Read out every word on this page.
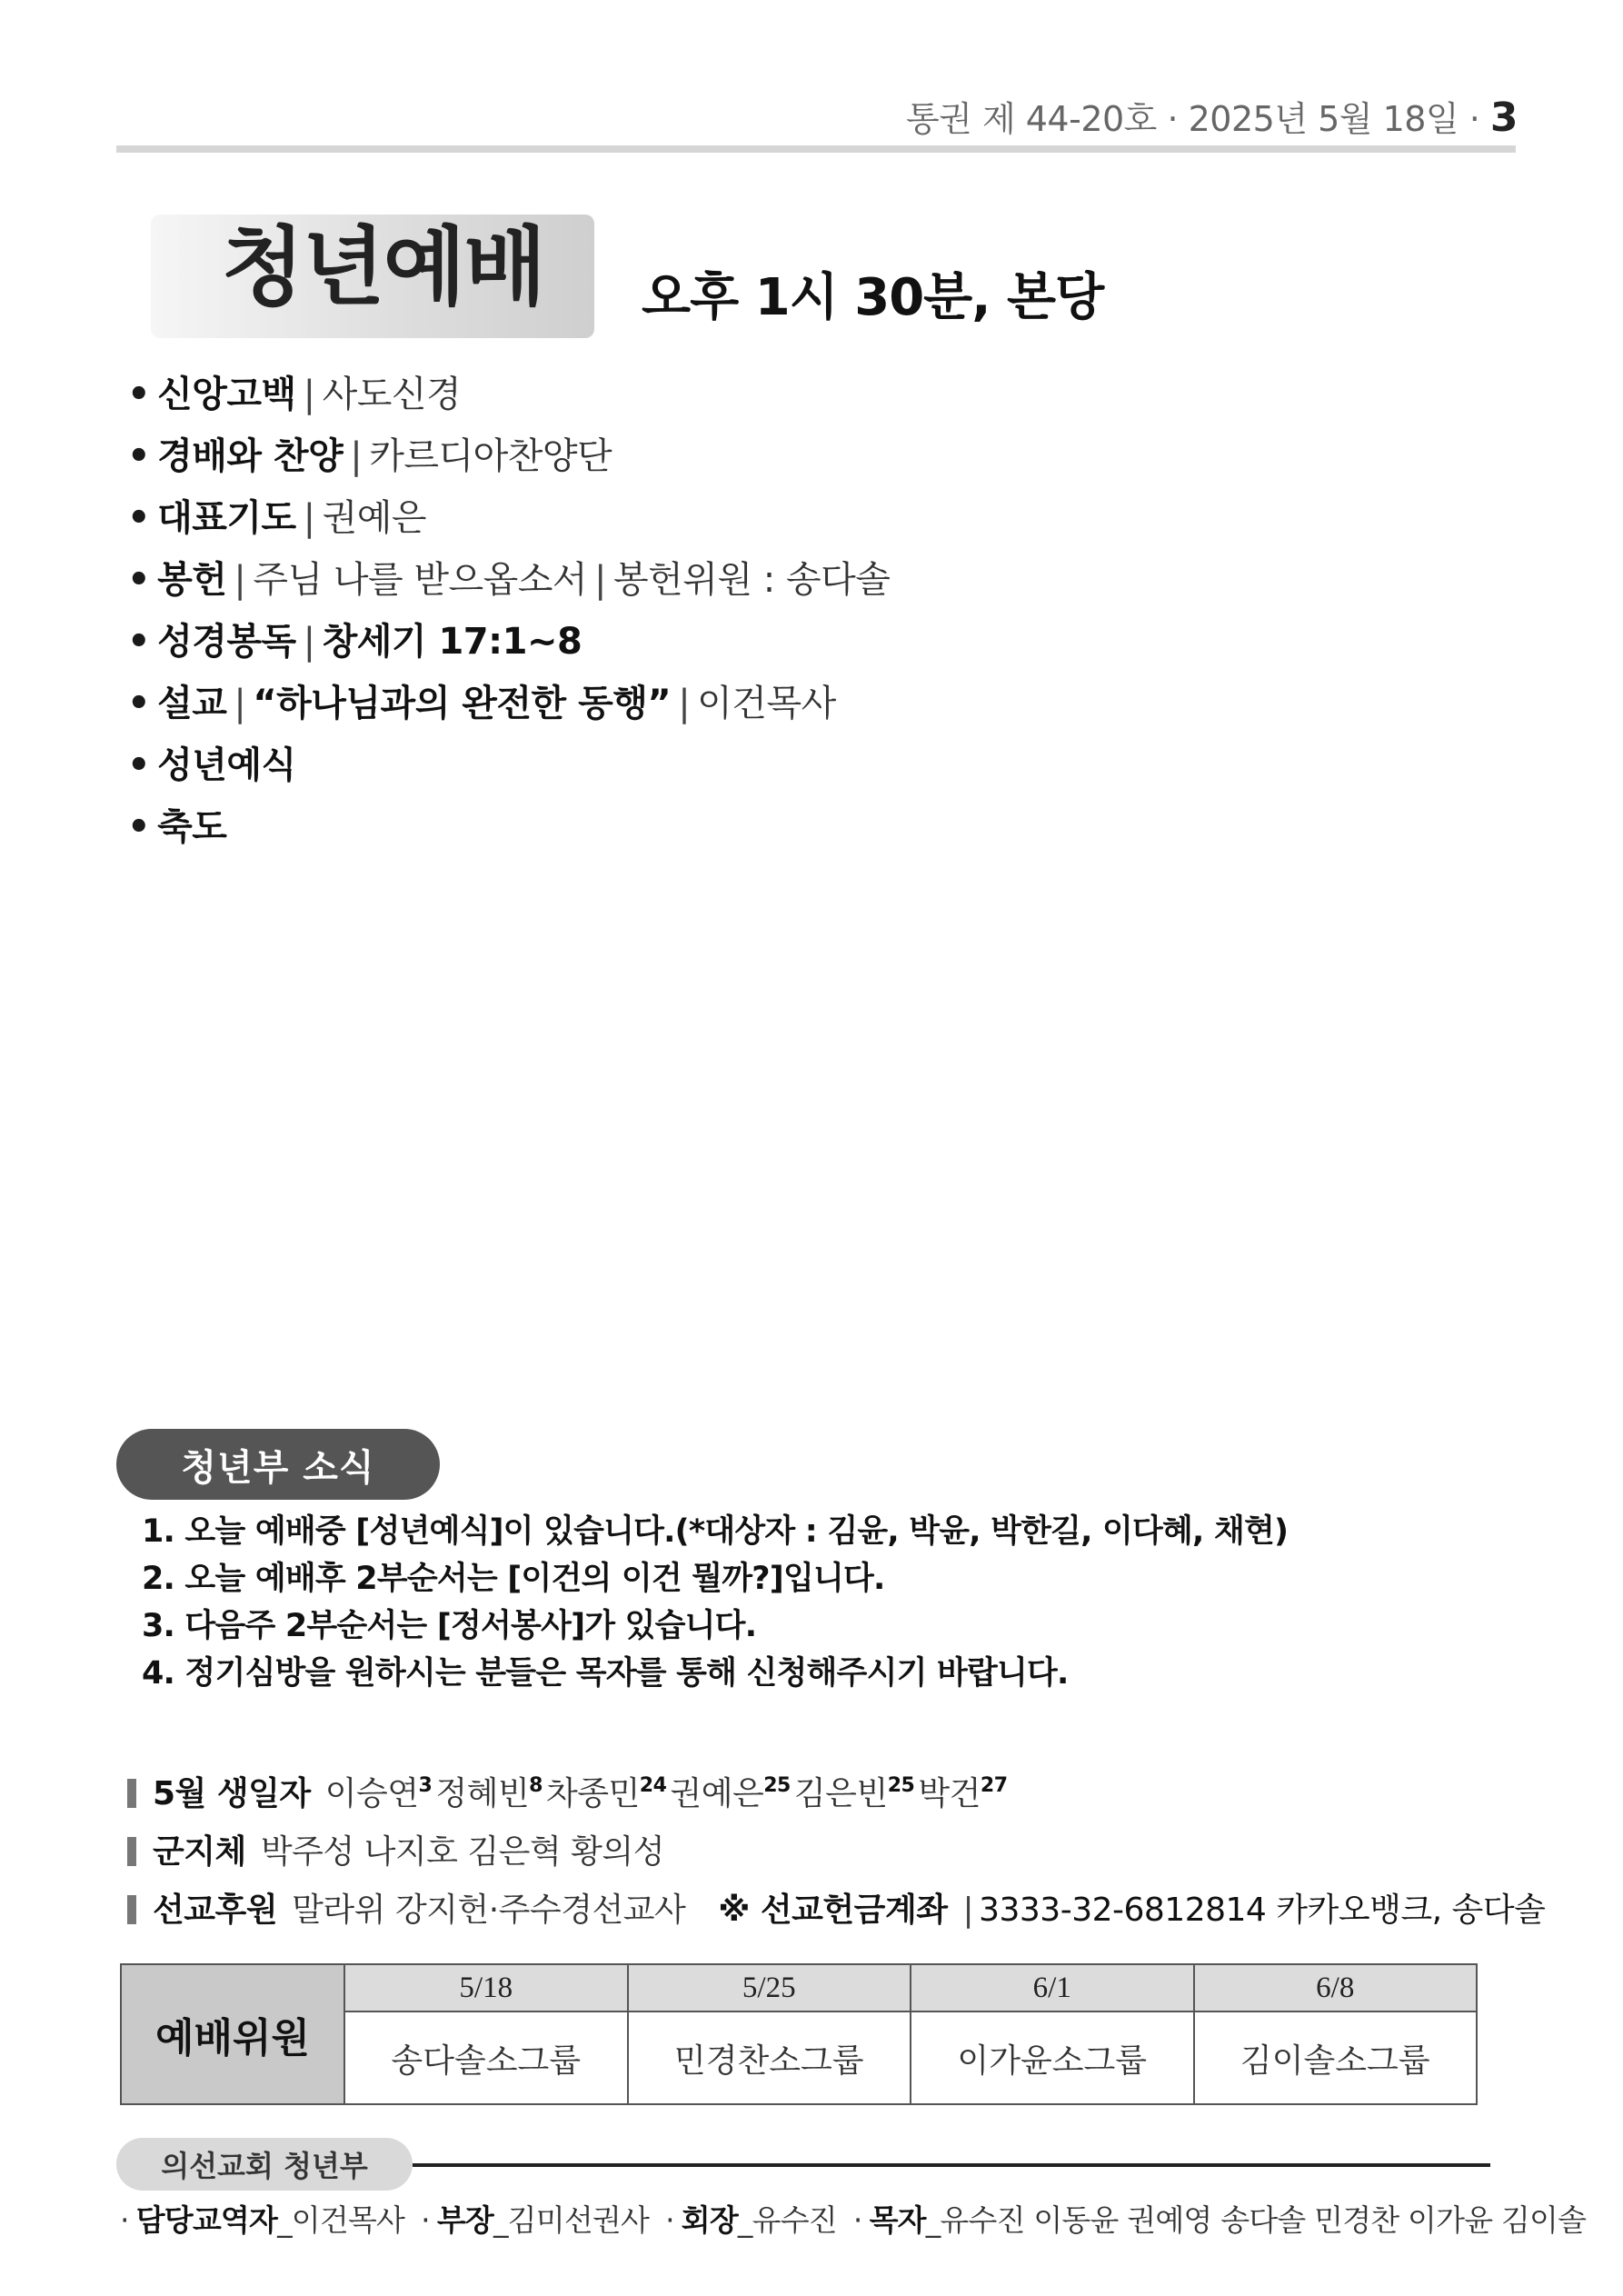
통권 제 44-20호 · 2025년 5월 18일 · 3
청년예배 오후 1시 30분, 본당
• 신앙고백 | 사도신경
• 경배와 찬양 | 카르디아찬양단
• 대표기도 | 권예은
• 봉헌 | 주님 나를 받으옵소서 | 봉헌위원 : 송다솔
• 성경봉독 | 창세기 17:1~8
• 설교 | “하나님과의 완전한 동행” | 이건목사
• 성년예식
• 축도
청년부 소식
1. 오늘 예배중 [성년예식]이 있습니다.(*대상자 : 김윤, 박윤, 박한길, 이다혜, 채현)
2. 오늘 예배후 2부순서는 [이건의 이건 뭘까?]입니다.
3. 다음주 2부순서는 [정서봉사]가 있습니다.
4. 정기심방을 원하시는 분들은 목자를 통해 신청해주시기 바랍니다.
5월 생일자 이승연$^3$ 정혜빈$^8$ 차종민$^{24}$ 권예은$^{25}$ 김은빈$^{25}$ 박건$^{27}$
군지체 박주성 나지호 김은혁 황의성
선교후원 말라위 강지헌·주수경선교사 ※ 선교헌금계좌 | 3333-32-6812814 카카오뱅크, 송다솔
예배위원	5/18	5/25	6/1	6/8
	송다솔소그룹	민경찬소그룹	이가윤소그룹	김이솔소그룹
의선교회 청년부
· 담당교역자_이건목사 · 부장_김미선권사 · 회장_유수진 · 목자_유수진 이동윤 권예영 송다솔 민경찬 이가윤 김이솔
